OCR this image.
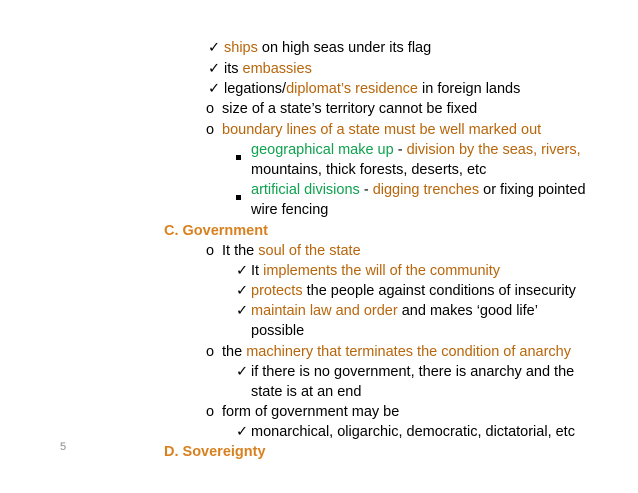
✓ ships on high seas under its flag
✓ its embassies
✓ legations/diplomat’s residence in foreign lands
o size of a state’s territory cannot be fixed
o boundary lines of a state must be well marked out
geographical make up - division by the seas, rivers,
mountains, thick forests, deserts, etc
artificial divisions - digging trenches or fixing pointed
wire fencing
C. Government
o It the soul of the state
✓ It implements the will of the community
✓ protects the people against conditions of insecurity
✓ maintain law and order and makes ‘good life’
possible
o the machinery that terminates the condition of anarchy
✓ if there is no government, there is anarchy and the
state is at an end
o form of government may be
✓ monarchical, oligarchic, democratic, dictatorial, etc
D. Sovereignty
5
